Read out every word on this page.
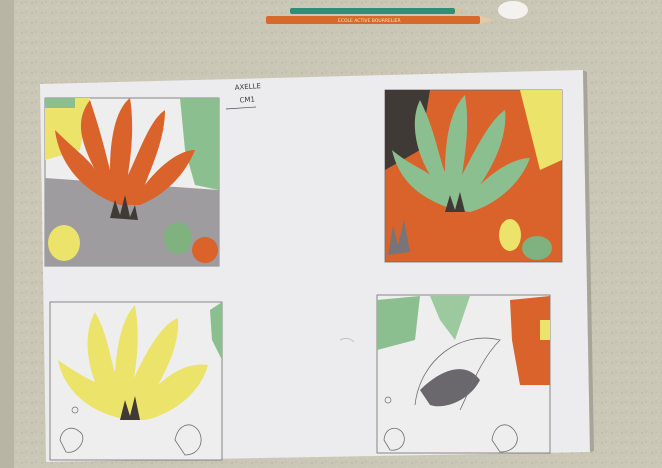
ECOLE ACTIVE BOURRELIER
AXELLE
CM1
